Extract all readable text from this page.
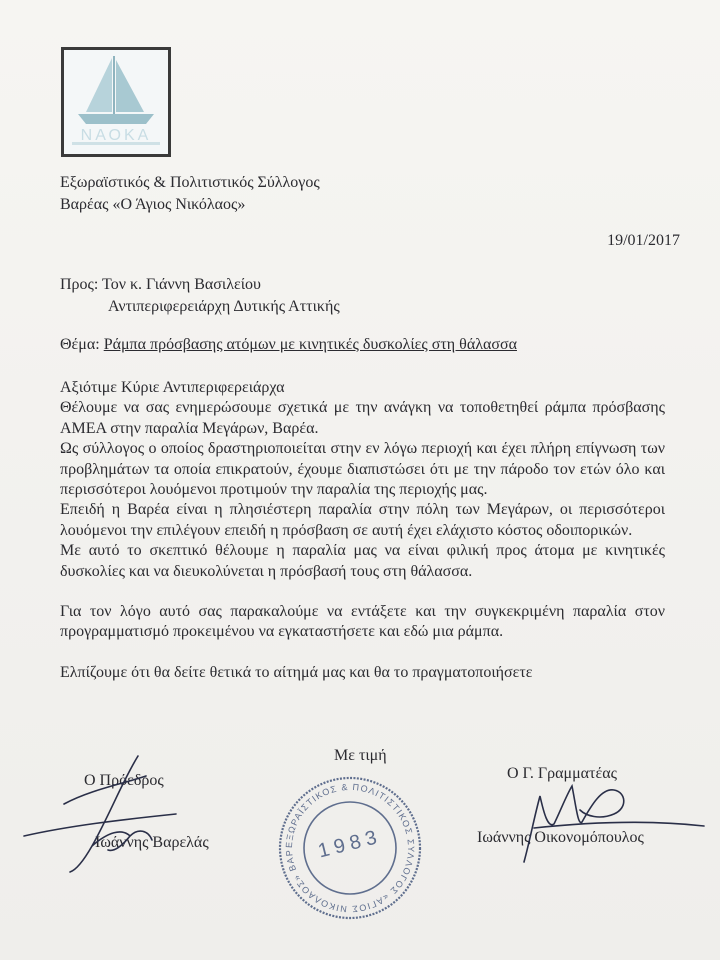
ΝΑΟΚΑ
Εξωραϊστικός & Πολιτιστικός Σύλλογος
Βαρέας «Ο Άγιος Νικόλαος»
19/01/2017
Προς: Τον κ. Γιάννη Βασιλείου
Αντιπεριφερειάρχη Δυτικής Αττικής
Θέμα: Ράμπα πρόσβασης ατόμων με κινητικές δυσκολίες στη θάλασσα

Αξιότιμε Κύριε Αντιπεριφερειάρχα

Θέλουμε να σας ενημερώσουμε σχετικά με την ανάγκη να τοποθετηθεί ράμπα πρόσβασης ΑΜΕΑ στην παραλία Μεγάρων, Βαρέα.

Ως σύλλογος ο οποίος δραστηριοποιείται στην εν λόγω περιοχή και έχει πλήρη επίγνωση των προβλημάτων τα οποία επικρατούν, έχουμε διαπιστώσει ότι με την πάροδο τον ετών όλο και περισσότεροι λουόμενοι προτιμούν την παραλία της περιοχής μας.

Επειδή η Βαρέα είναι η πλησιέστερη παραλία στην πόλη των Μεγάρων, οι περισσότεροι λουόμενοι την επιλέγουν επειδή η πρόσβαση σε αυτή έχει ελάχιστο κόστος οδοιπορικών.

Με αυτό το σκεπτικό θέλουμε η παραλία μας να είναι φιλική προς άτομα με κινητικές δυσκολίες και να διευκολύνεται η πρόσβασή τους στη θάλασσα.

Για τον λόγο αυτό σας παρακαλούμε να εντάξετε και την συγκεκριμένη παραλία στον προγραμματισμό προκειμένου να εγκαταστήσετε και εδώ μια ράμπα.

Ελπίζουμε ότι θα δείτε θετικά το αίτημά μας και θα το πραγματοποιήσετε

Με τιμή
Ο Πρόεδρος
Ιωάννης Βαρελάς
Ο Γ. Γραμματέας
Ιωάννης Οικονομόπουλος
ΕΞΩΡΑΪΣΤΙΚΟΣ & ΠΟΛΙΤΙΣΤΙΚΟΣ ΣΥΛΛΟΓΟΣ «ΑΓΙΟΣ ΝΙΚΟΛΑΟΣ» ΒΑΡ	1983
